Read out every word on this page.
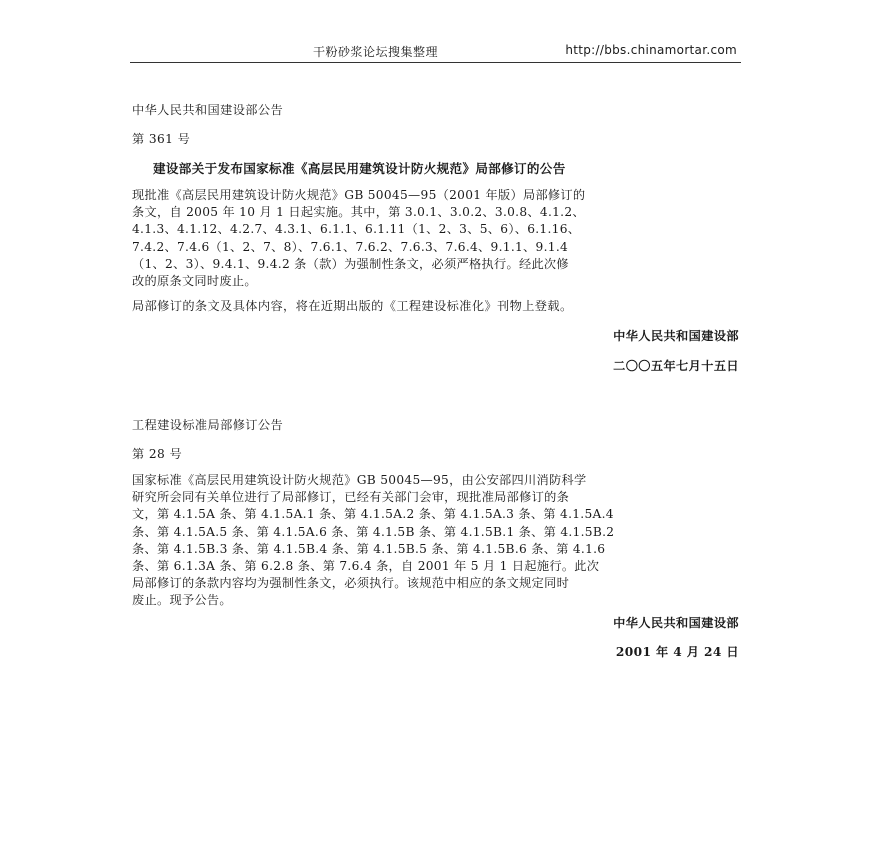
干粉砂浆论坛搜集整理	http://bbs.chinamortar.com
中华人民共和国建设部公告
第 361 号
建设部关于发布国家标准《高层民用建筑设计防火规范》局部修订的公告
现批准《高层民用建筑设计防火规范》GB 50045—95（2001 年版）局部修订的
条文，自 2005 年 10 月 1 日起实施。其中，第 3.0.1、3.0.2、3.0.8、4.1.2、
4.1.3、4.1.12、4.2.7、4.3.1、6.1.1、6.1.11（1、2、3、5、6）、6.1.16、
7.4.2、7.4.6（1、2、7、8）、7.6.1、7.6.2、7.6.3、7.6.4、9.1.1、9.1.4
（1、2、3）、9.4.1、9.4.2 条（款）为强制性条文，必须严格执行。经此次修
改的原条文同时废止。
局部修订的条文及具体内容，将在近期出版的《工程建设标准化》刊物上登载。
中华人民共和国建设部
二〇〇五年七月十五日
工程建设标准局部修订公告
第 28 号
国家标准《高层民用建筑设计防火规范》GB 50045—95，由公安部四川消防科学
研究所会同有关单位进行了局部修订，已经有关部门会审，现批准局部修订的条
文，第 4.1.5A 条、第 4.1.5A.1 条、第 4.1.5A.2 条、第 4.1.5A.3 条、第 4.1.5A.4
条、第 4.1.5A.5 条、第 4.1.5A.6 条、第 4.1.5B 条、第 4.1.5B.1 条、第 4.1.5B.2
条、第 4.1.5B.3 条、第 4.1.5B.4 条、第 4.1.5B.5 条、第 4.1.5B.6 条、第 4.1.6
条、第 6.1.3A 条、第 6.2.8 条、第 7.6.4 条，自 2001 年 5 月 1 日起施行。此次
局部修订的条款内容均为强制性条文，必须执行。该规范中相应的条文规定同时
废止。现予公告。
中华人民共和国建设部
2001 年 4 月 24 日
